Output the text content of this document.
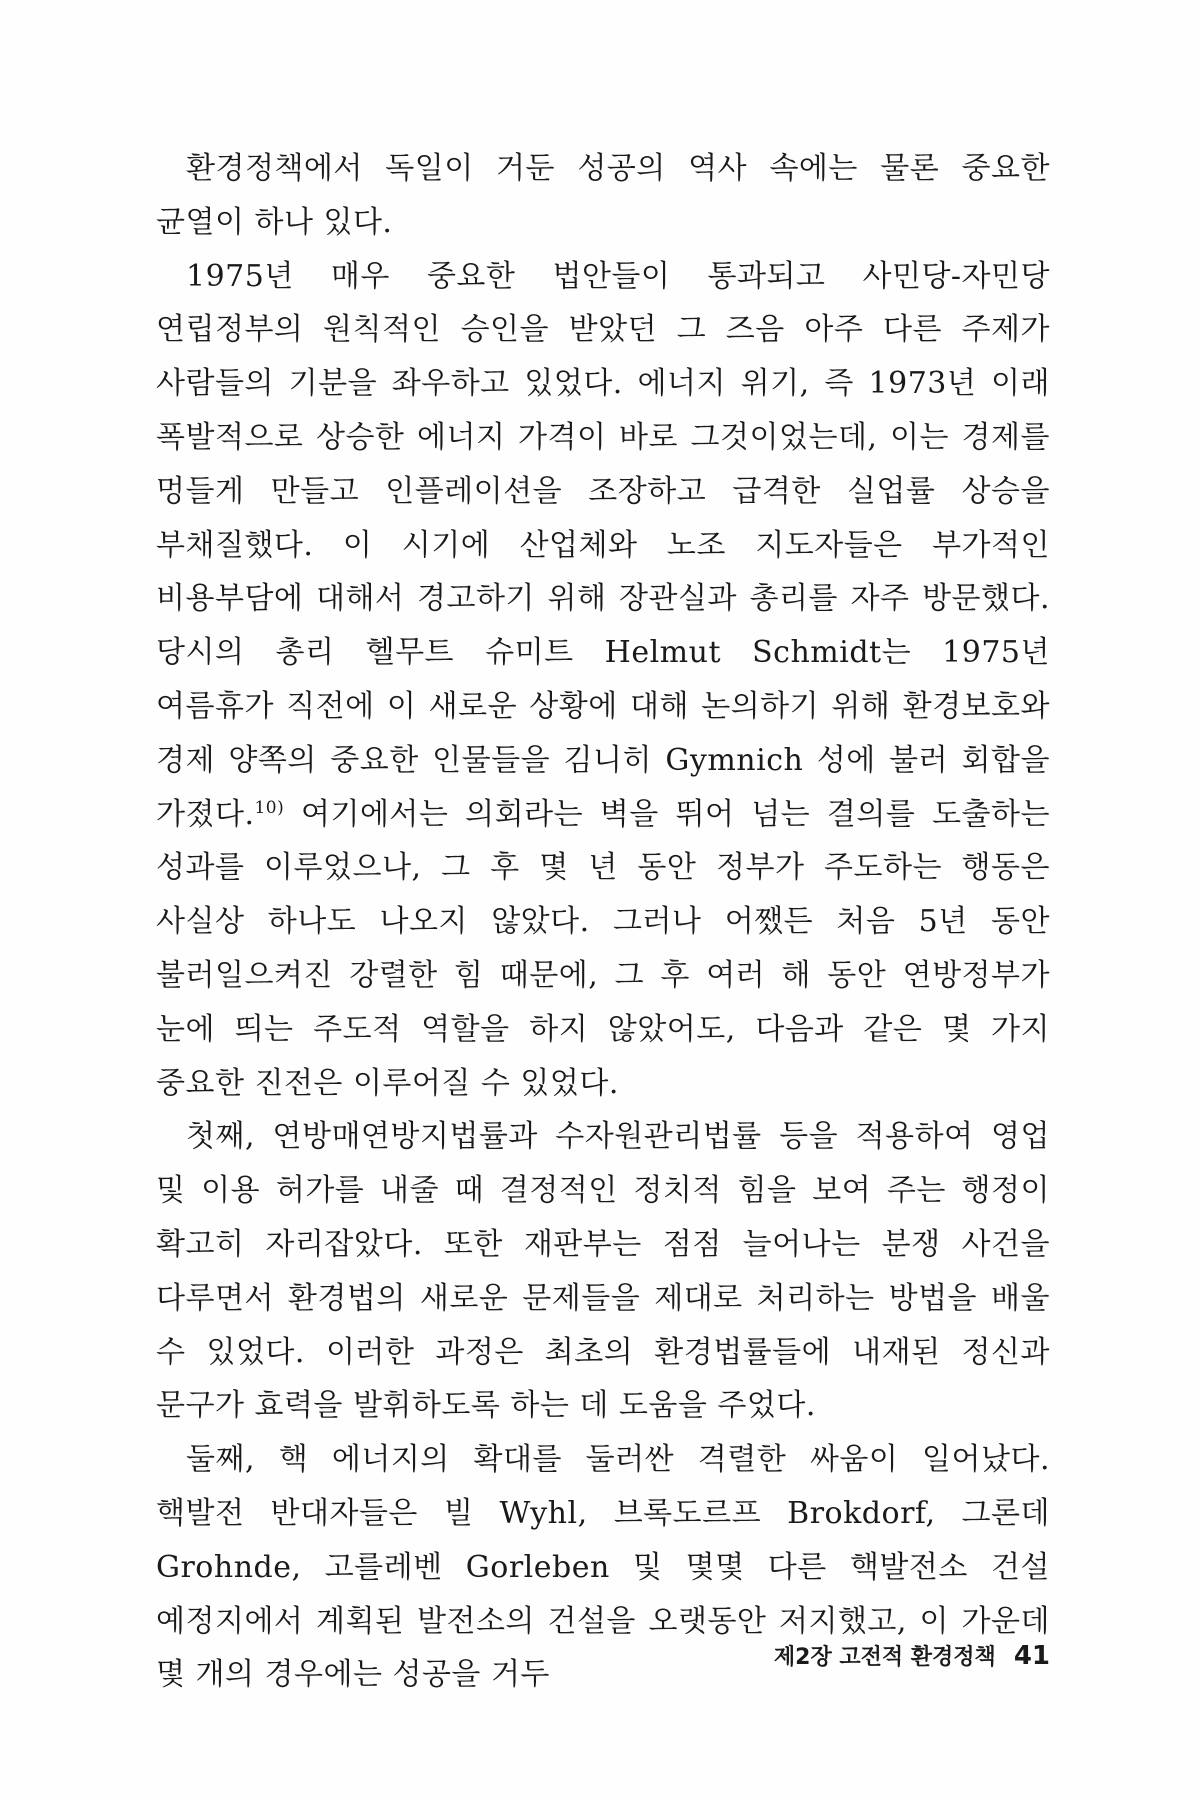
환경정책에서 독일이 거둔 성공의 역사 속에는 물론 중요한 균열이 하나 있다.

1975년 매우 중요한 법안들이 통과되고 사민당-자민당 연립정부의 원칙적인 승인을 받았던 그 즈음 아주 다른 주제가 사람들의 기분을 좌우하고 있었다. 에너지 위기, 즉 1973년 이래 폭발적으로 상승한 에너지 가격이 바로 그것이었는데, 이는 경제를 멍들게 만들고 인플레이션을 조장하고 급격한 실업률 상승을 부채질했다. 이 시기에 산업체와 노조 지도자들은 부가적인 비용부담에 대해서 경고하기 위해 장관실과 총리를 자주 방문했다. 당시의 총리 헬무트 슈미트 Helmut Schmidt는 1975년 여름휴가 직전에 이 새로운 상황에 대해 논의하기 위해 환경보호와 경제 양쪽의 중요한 인물들을 김니히 Gymnich 성에 불러 회합을 가졌다.$^{10)}$ 여기에서는 의회라는 벽을 뛰어 넘는 결의를 도출하는 성과를 이루었으나, 그 후 몇 년 동안 정부가 주도하는 행동은 사실상 하나도 나오지 않았다. 그러나 어쨌든 처음 5년 동안 불러일으켜진 강렬한 힘 때문에, 그 후 여러 해 동안 연방정부가 눈에 띄는 주도적 역할을 하지 않았어도, 다음과 같은 몇 가지 중요한 진전은 이루어질 수 있었다.

첫째, 연방매연방지법률과 수자원관리법률 등을 적용하여 영업 및 이용 허가를 내줄 때 결정적인 정치적 힘을 보여 주는 행정이 확고히 자리잡았다. 또한 재판부는 점점 늘어나는 분쟁 사건을 다루면서 환경법의 새로운 문제들을 제대로 처리하는 방법을 배울 수 있었다. 이러한 과정은 최초의 환경법률들에 내재된 정신과 문구가 효력을 발휘하도록 하는 데 도움을 주었다.

둘째, 핵 에너지의 확대를 둘러싼 격렬한 싸움이 일어났다. 핵발전 반대자들은 빌 Wyhl, 브록도르프 Brokdorf, 그론데 Grohnde, 고를레벤 Gorleben 및 몇몇 다른 핵발전소 건설 예정지에서 계획된 발전소의 건설을 오랫동안 저지했고, 이 가운데 몇 개의 경우에는 성공을 거두	제2장 고전적 환경정책 41
